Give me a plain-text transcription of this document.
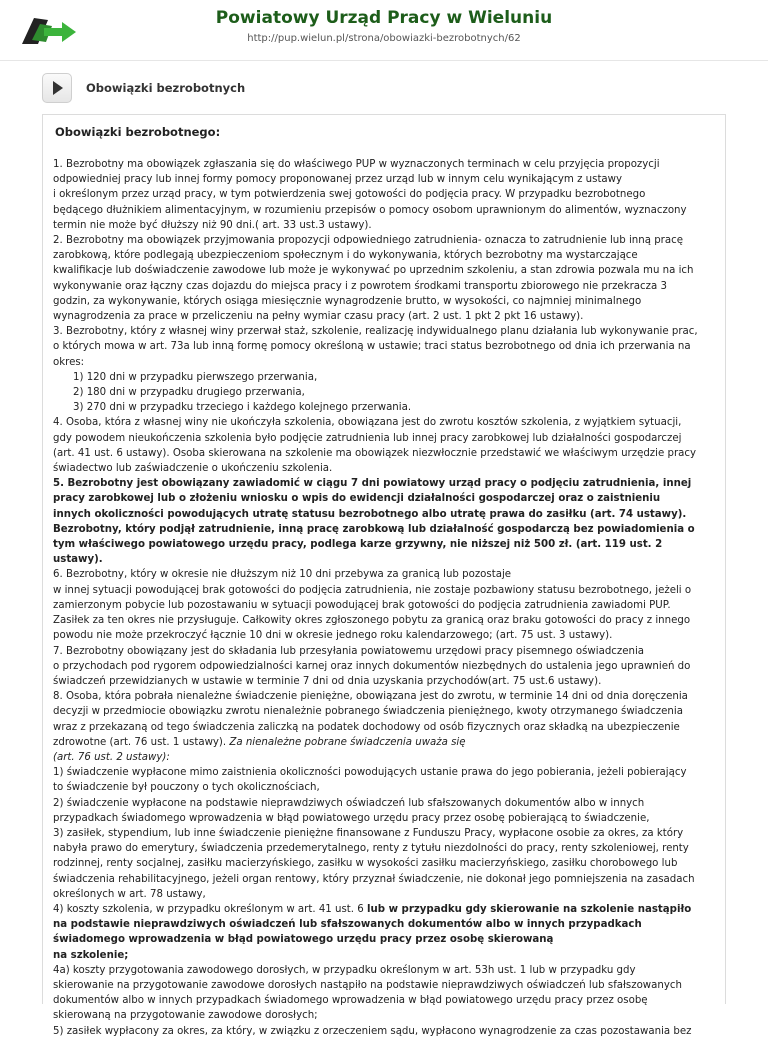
Powiatowy Urząd Pracy w Wieluniu
http://pup.wielun.pl/strona/obowiazki-bezrobotnych/62
Obowiązki bezrobotnych
Obowiązki bezrobotnego:

1. Bezrobotny ma obowiązek zgłaszania się do właściwego PUP w wyznaczonych terminach w celu przyjęcia propozycji

odpowiedniej pracy lub innej formy pomocy proponowanej przez urząd lub w innym celu wynikającym z ustawy

i określonym przez urząd pracy, w tym potwierdzenia swej gotowości do podjęcia pracy. W przypadku bezrobotnego

będącego dłużnikiem alimentacyjnym, w rozumieniu przepisów o pomocy osobom uprawnionym do alimentów, wyznaczony

termin nie może być dłuższy niż 90 dni.( art. 33 ust.3 ustawy).

2. Bezrobotny ma obowiązek przyjmowania propozycji odpowiedniego zatrudnienia- oznacza to zatrudnienie lub inną pracę

zarobkową, które podlegają ubezpieczeniom społecznym i do wykonywania, których bezrobotny ma wystarczające

kwalifikacje lub doświadczenie zawodowe lub może je wykonywać po uprzednim szkoleniu, a stan zdrowia pozwala mu na ich

wykonywanie oraz łączny czas dojazdu do miejsca pracy i z powrotem środkami transportu zbiorowego nie przekracza 3

godzin, za wykonywanie, których osiąga miesięcznie wynagrodzenie brutto, w wysokości, co najmniej minimalnego

wynagrodzenia za prace w przeliczeniu na pełny wymiar czasu pracy (art. 2 ust. 1 pkt 2 pkt 16 ustawy).

3. Bezrobotny, który z własnej winy przerwał staż, szkolenie, realizację indywidualnego planu działania lub wykonywanie prac,

o których mowa w art. 73a lub inną formę pomocy określoną w ustawie; traci status bezrobotnego od dnia ich przerwania na

okres:

1) 120 dni w przypadku pierwszego przerwania,

2) 180 dni w przypadku drugiego przerwania,

3) 270 dni w przypadku trzeciego i każdego kolejnego przerwania.

4. Osoba, która z własnej winy nie ukończyła szkolenia, obowiązana jest do zwrotu kosztów szkolenia, z wyjątkiem sytuacji,

gdy powodem nieukończenia szkolenia było podjęcie zatrudnienia lub innej pracy zarobkowej lub działalności gospodarczej

(art. 41 ust. 6 ustawy). Osoba skierowana na szkolenie ma obowiązek niezwłocznie przedstawić we właściwym urzędzie pracy

świadectwo lub zaświadczenie o ukończeniu szkolenia.

5. Bezrobotny jest obowiązany zawiadomić w ciągu 7 dni powiatowy urząd pracy o podjęciu zatrudnienia, innej

pracy zarobkowej lub o złożeniu wniosku o wpis do ewidencji działalności gospodarczej oraz o zaistnieniu

innych okoliczności powodujących utratę statusu bezrobotnego albo utratę prawa do zasiłku (art. 74 ustawy).

Bezrobotny, który podjął zatrudnienie, inną pracę zarobkową lub działalność gospodarczą bez powiadomienia o

tym właściwego powiatowego urzędu pracy, podlega karze grzywny, nie niższej niż 500 zł. (art. 119 ust. 2

ustawy).

6. Bezrobotny, który w okresie nie dłuższym niż 10 dni przebywa za granicą lub pozostaje

w innej sytuacji powodującej brak gotowości do podjęcia zatrudnienia, nie zostaje pozbawiony statusu bezrobotnego, jeżeli o

zamierzonym pobycie lub pozostawaniu w sytuacji powodującej brak gotowości do podjęcia zatrudnienia zawiadomi PUP.

Zasiłek za ten okres nie przysługuje. Całkowity okres zgłoszonego pobytu za granicą oraz braku gotowości do pracy z innego

powodu nie może przekroczyć łącznie 10 dni w okresie jednego roku kalendarzowego; (art. 75 ust. 3 ustawy).

7. Bezrobotny obowiązany jest do składania lub przesyłania powiatowemu urzędowi pracy pisemnego oświadczenia

o przychodach pod rygorem odpowiedzialności karnej oraz innych dokumentów niezbędnych do ustalenia jego uprawnień do

świadczeń przewidzianych w ustawie w terminie 7 dni od dnia uzyskania przychodów(art. 75 ust.6 ustawy).

8. Osoba, która pobrała nienależne świadczenie pieniężne, obowiązana jest do zwrotu, w terminie 14 dni od dnia doręczenia

decyzji w przedmiocie obowiązku zwrotu nienależnie pobranego świadczenia pieniężnego, kwoty otrzymanego świadczenia

wraz z przekazaną od tego świadczenia zaliczką na podatek dochodowy od osób fizycznych oraz składką na ubezpieczenie

zdrowotne (art. 76 ust. 1 ustawy). Za nienależne pobrane świadczenia uważa się

(art. 76 ust. 2 ustawy):

1) świadczenie wypłacone mimo zaistnienia okoliczności powodujących ustanie prawa do jego pobierania, jeżeli pobierający

to świadczenie był pouczony o tych okolicznościach,

2) świadczenie wypłacone na podstawie nieprawdziwych oświadczeń lub sfałszowanych dokumentów albo w innych

przypadkach świadomego wprowadzenia w błąd powiatowego urzędu pracy przez osobę pobierającą to świadczenie,

3) zasiłek, stypendium, lub inne świadczenie pieniężne finansowane z Funduszu Pracy, wypłacone osobie za okres, za który

nabyła prawo do emerytury, świadczenia przedemerytalnego, renty z tytułu niezdolności do pracy, renty szkoleniowej, renty

rodzinnej, renty socjalnej, zasiłku macierzyńskiego, zasiłku w wysokości zasiłku macierzyńskiego, zasiłku chorobowego lub

świadczenia rehabilitacyjnego, jeżeli organ rentowy, który przyznał świadczenie, nie dokonał jego pomniejszenia na zasadach

określonych w art. 78 ustawy,

4) koszty szkolenia, w przypadku określonym w art. 41 ust. 6 lub w przypadku gdy skierowanie na szkolenie nastąpiło

na podstawie nieprawdziwych oświadczeń lub sfałszowanych dokumentów albo w innych przypadkach

świadomego wprowadzenia w błąd powiatowego urzędu pracy przez osobę skierowaną

na szkolenie;

4a) koszty przygotowania zawodowego dorosłych, w przypadku określonym w art. 53h ust. 1 lub w przypadku gdy

skierowanie na przygotowanie zawodowe dorosłych nastąpiło na podstawie nieprawdziwych oświadczeń lub sfałszowanych

dokumentów albo w innych przypadkach świadomego wprowadzenia w błąd powiatowego urzędu pracy przez osobę

skierowaną na przygotowanie zawodowe dorosłych;

5) zasiłek wypłacony za okres, za który, w związku z orzeczeniem sądu, wypłacono wynagrodzenie za czas pozostawania bez
